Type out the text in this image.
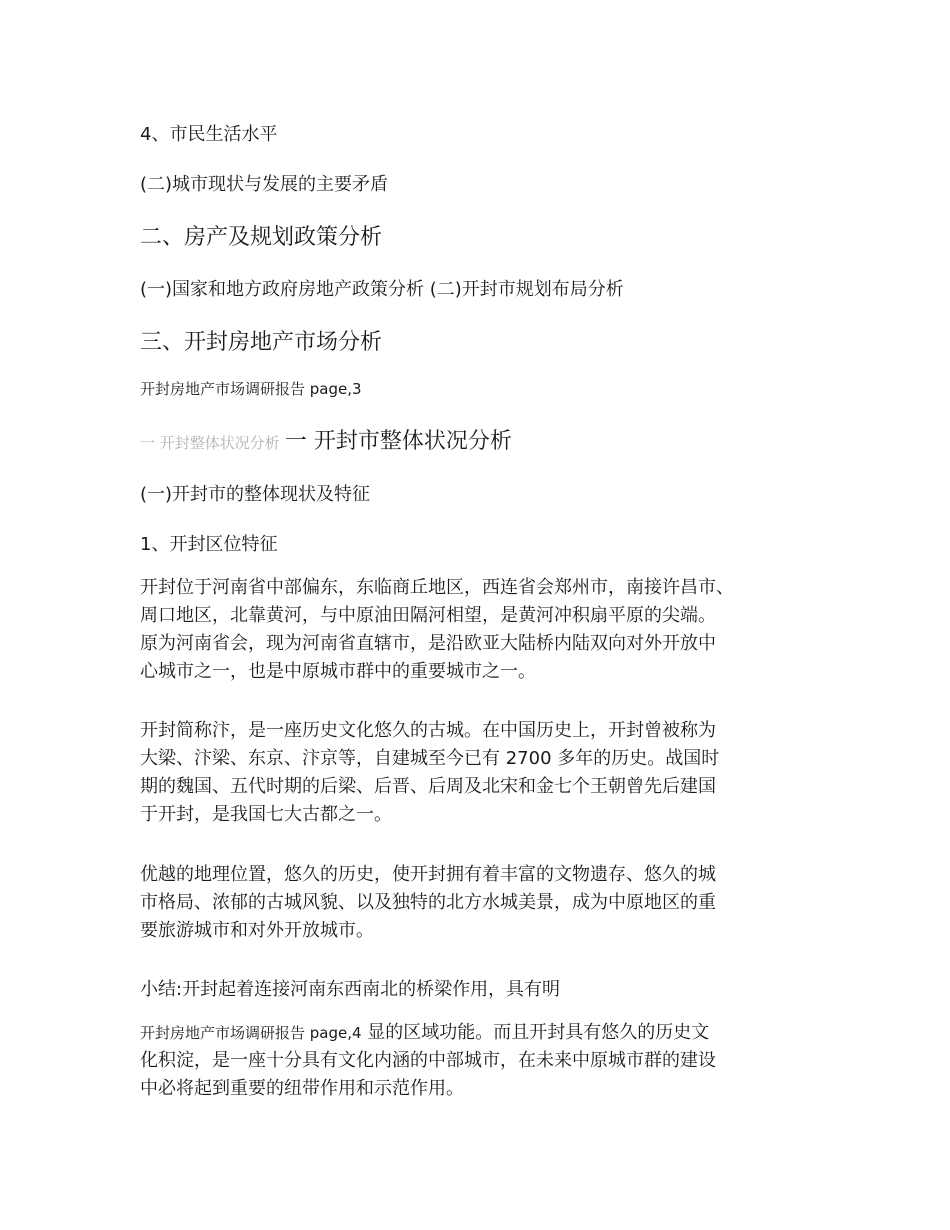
4、市民生活水平
(二)城市现状与发展的主要矛盾
二、房产及规划政策分析
(一)国家和地方政府房地产政策分析 (二)开封市规划布局分析
三、开封房地产市场分析
开封房地产市场调研报告 page,3
一 开封整体状况分析 一 开封市整体状况分析
(一)开封市的整体现状及特征
1、开封区位特征
开封位于河南省中部偏东，东临商丘地区，西连省会郑州市，南接许昌市、
周口地区，北靠黄河，与中原油田隔河相望，是黄河冲积扇平原的尖端。
原为河南省会，现为河南省直辖市，是沿欧亚大陆桥内陆双向对外开放中
心城市之一，也是中原城市群中的重要城市之一。
开封简称汴，是一座历史文化悠久的古城。在中国历史上，开封曾被称为
大梁、汴梁、东京、汴京等，自建城至今已有 2700 多年的历史。战国时
期的魏国、五代时期的后梁、后晋、后周及北宋和金七个王朝曾先后建国
于开封，是我国七大古都之一。
优越的地理位置，悠久的历史，使开封拥有着丰富的文物遗存、悠久的城
市格局、浓郁的古城风貌、以及独特的北方水城美景，成为中原地区的重
要旅游城市和对外开放城市。
小结:开封起着连接河南东西南北的桥梁作用，具有明
开封房地产市场调研报告 page,4 显的区域功能。而且开封具有悠久的历史文
化积淀，是一座十分具有文化内涵的中部城市，在未来中原城市群的建设
中必将起到重要的纽带作用和示范作用。
